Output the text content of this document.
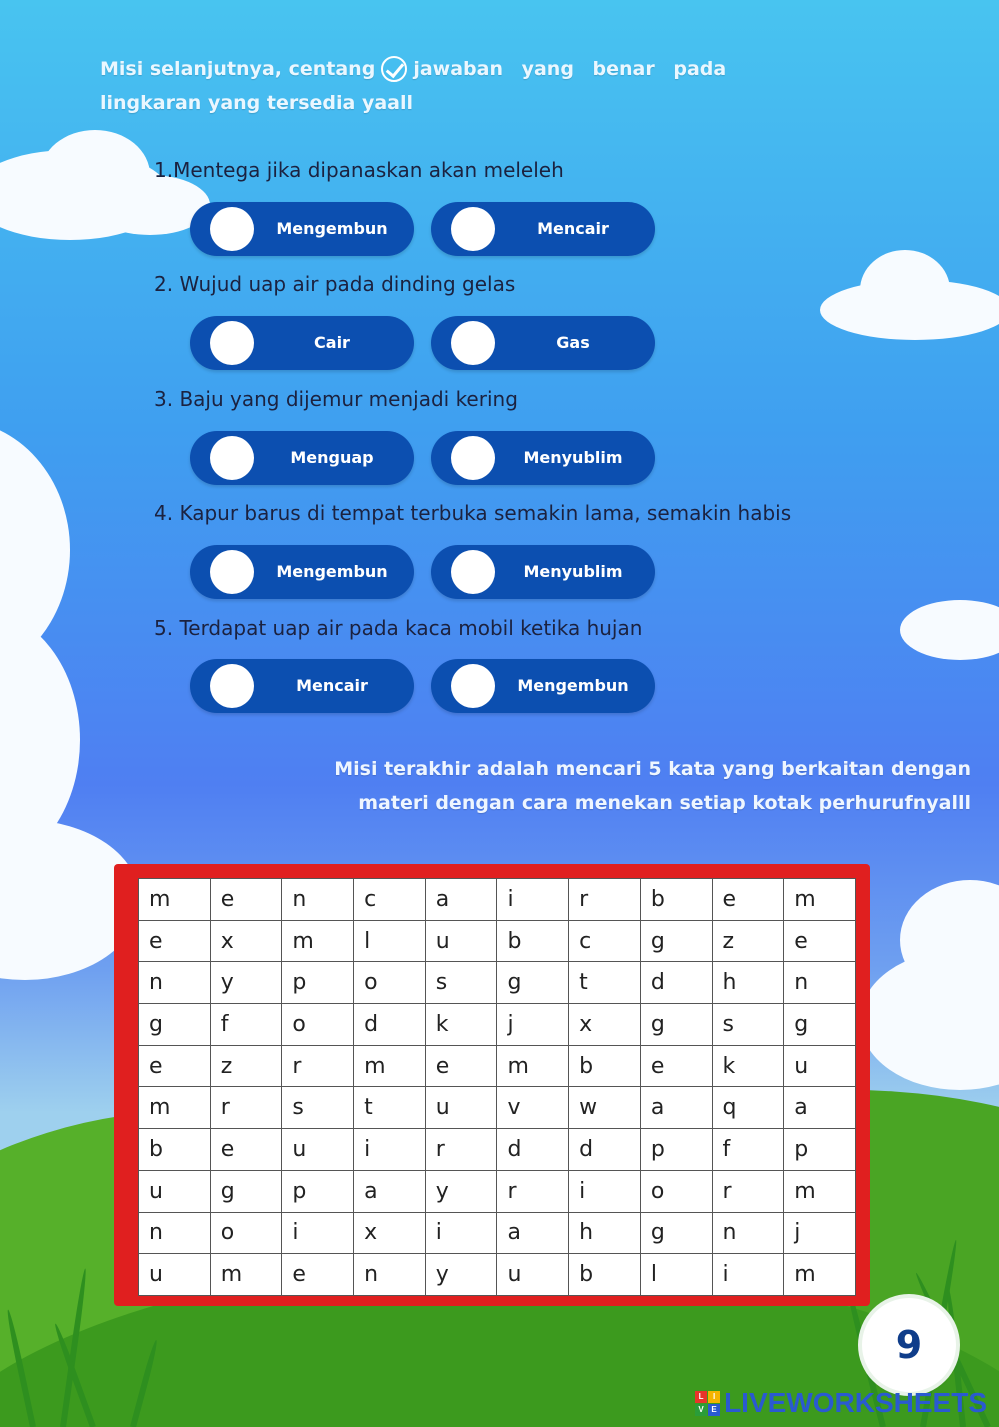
Misi selanjutnya, centang jawaban yang benar pada
lingkaran yang tersedia yaall
1.Mentega jika dipanaskan akan meleleh
Mengembun	Mencair
2. Wujud uap air pada dinding gelas
Cair	Gas
3. Baju yang dijemur menjadi kering
Menguap	Menyublim
4. Kapur barus di tempat terbuka semakin lama, semakin habis
Mengembun	Menyublim
5. Terdapat uap air pada kaca mobil ketika hujan
Mencair	Mengembun
Misi terakhir adalah mencari 5 kata yang berkaitan dengan
materi dengan cara menekan setiap kotak perhurufnyalll
m	e	n	c	a	i	r	b	e	m
e	x	m	l	u	b	c	g	z	e
n	y	p	o	s	g	t	d	h	n
g	f	o	d	k	j	x	g	s	g
e	z	r	m	e	m	b	e	k	u
m	r	s	t	u	v	w	a	q	a
b	e	u	i	r	d	d	p	f	p
u	g	p	a	y	r	i	o	r	m
n	o	i	x	i	a	h	g	n	j
u	m	e	n	y	u	b	l	i	m
9
L	I
V E LIVEWORKSHEETS
